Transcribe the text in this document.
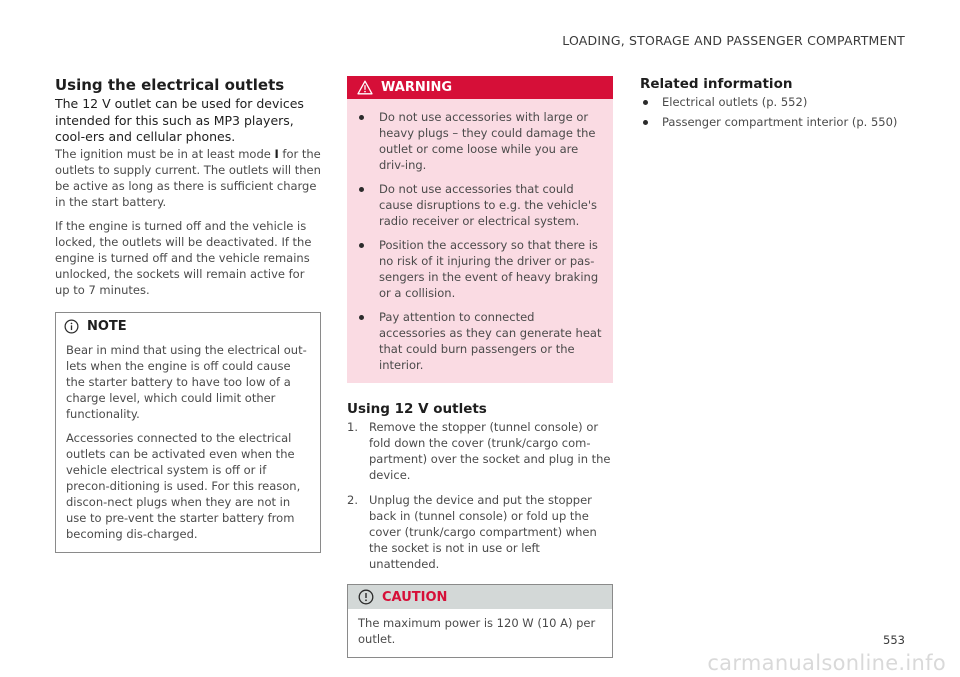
LOADING, STORAGE AND PASSENGER COMPARTMENT
Using the electrical outlets

The 12 V outlet can be used for devices intended for this such as MP3 players, cool-ers and cellular phones.

The ignition must be in at least mode I for the outlets to supply current. The outlets will then be active as long as there is sufficient charge in the start battery.

If the engine is turned off and the vehicle is locked, the outlets will be deactivated. If the engine is turned off and the vehicle remains unlocked, the sockets will remain active for up to 7 minutes.

NOTE

Bear in mind that using the electrical out-lets when the engine is off could cause the starter battery to have too low of a charge level, which could limit other functionality.

Accessories connected to the electrical outlets can be activated even when the vehicle electrical system is off or if precon-ditioning is used. For this reason, discon-nect plugs when they are not in use to pre-vent the starter battery from becoming dis-charged.

WARNING
Do not use accessories with large or heavy plugs – they could damage the outlet or come loose while you are driv-ing.
Do not use accessories that could cause disruptions to e.g. the vehicle's radio receiver or electrical system.
Position the accessory so that there is no risk of it injuring the driver or pas-sengers in the event of heavy braking or a collision.
Pay attention to connected accessories as they can generate heat that could burn passengers or the interior.
Using 12 V outlets
1. Remove the stopper (tunnel console) or fold down the cover (trunk/cargo com-partment) over the socket and plug in the device.
2. Unplug the device and put the stopper back in (tunnel console) or fold up the cover (trunk/cargo compartment) when the socket is not in use or left unattended.
CAUTION
The maximum power is 120 W (10 A) per outlet.
Related information
Electrical outlets (p. 552)
Passenger compartment interior (p. 550)
553
carmanualsonline.info
